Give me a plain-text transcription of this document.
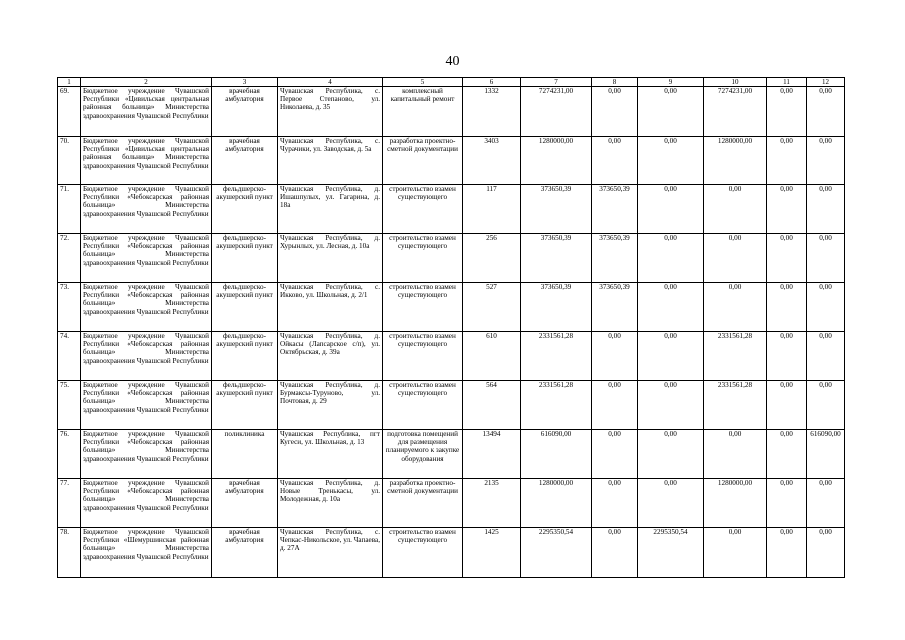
40
1	2	3	4	5	6	7	8	9	10	11	12
69.	Бюджетное учреждение Чувашской Республики «Цивильская центральная районная больница» Министерства здравоохранения Чувашской Республики	врачебная амбулатория	Чувашская Республика, с. Первое Степаново, ул. Николаева, д. 35	комплексный капитальный ремонт	1332	7274231,00	0,00	0,00	7274231,00	0,00	0,00
70.	Бюджетное учреждение Чувашской Республики «Цивильская центральная районная больница» Министерства здравоохранения Чувашской Республики	врачебная амбулатория	Чувашская Республика, с. Чурачики, ул. Заводская, д. 5а	разработка проектно-сметной документации	3403	1280000,00	0,00	0,00	1280000,00	0,00	0,00
71.	Бюджетное учреждение Чувашской Республики «Чебоксарская районная больница» Министерства здравоохранения Чувашской Республики	фельдшерско-акушерский пункт	Чувашская Республика, д. Ишашпулых, ул. Гагарина, д. 18а	строительство взамен существующего	117	373650,39	373650,39	0,00	0,00	0,00	0,00
72.	Бюджетное учреждение Чувашской Республики «Чебоксарская районная больница» Министерства здравоохранения Чувашской Республики	фельдшерско-акушерский пункт	Чувашская Республика, д. Хурынлых, ул. Лесная, д. 10а	строительство взамен существующего	256	373650,39	373650,39	0,00	0,00	0,00	0,00
73.	Бюджетное учреждение Чувашской Республики «Чебоксарская районная больница» Министерства здравоохранения Чувашской Республики	фельдшерско-акушерский пункт	Чувашская Республика, с. Икково, ул. Школьная, д. 2/1	строительство взамен существующего	527	373650,39	373650,39	0,00	0,00	0,00	0,00
74.	Бюджетное учреждение Чувашской Республики «Чебоксарская районная больница» Министерства здравоохранения Чувашской Республики	фельдшерско-акушерский пункт	Чувашская Республика, д. Ойкасы (Лапсарское с/п), ул. Октябрьская, д. 39а	строительство взамен существующего	610	2331561,28	0,00	0,00	2331561,28	0,00	0,00
75.	Бюджетное учреждение Чувашской Республики «Чебоксарская районная больница» Министерства здравоохранения Чувашской Республики	фельдшерско-акушерский пункт	Чувашская Республика, д. Бурмаксы-Туруново, ул. Почтовая, д. 29	строительство взамен существующего	564	2331561,28	0,00	0,00	2331561,28	0,00	0,00
76.	Бюджетное учреждение Чувашской Республики «Чебоксарская районная больница» Министерства здравоохранения Чувашской Республики	поликлиника	Чувашская Республика, пгт Кугеси, ул. Школьная, д. 13	подготовка помещений для размещения планируемого к закупке оборудования	13494	616090,00	0,00	0,00	0,00	0,00	616090,00
77.	Бюджетное учреждение Чувашской Республики «Чебоксарская районная больница» Министерства здравоохранения Чувашской Республики	врачебная амбулатория	Чувашская Республика, д. Новые Тренькасы, ул. Молодежная, д. 10а	разработка проектно-сметной документации	2135	1280000,00	0,00	0,00	1280000,00	0,00	0,00
78.	Бюджетное учреждение Чувашской Республики «Шемуршинская районная больница» Министерства здравоохранения Чувашской Республики	врачебная амбулатория	Чувашская Республика, с. Чепкас-Никольское, ул. Чапаева, д. 27А	строительство взамен существующего	1425	2295350,54	0,00	2295350,54	0,00	0,00	0,00
